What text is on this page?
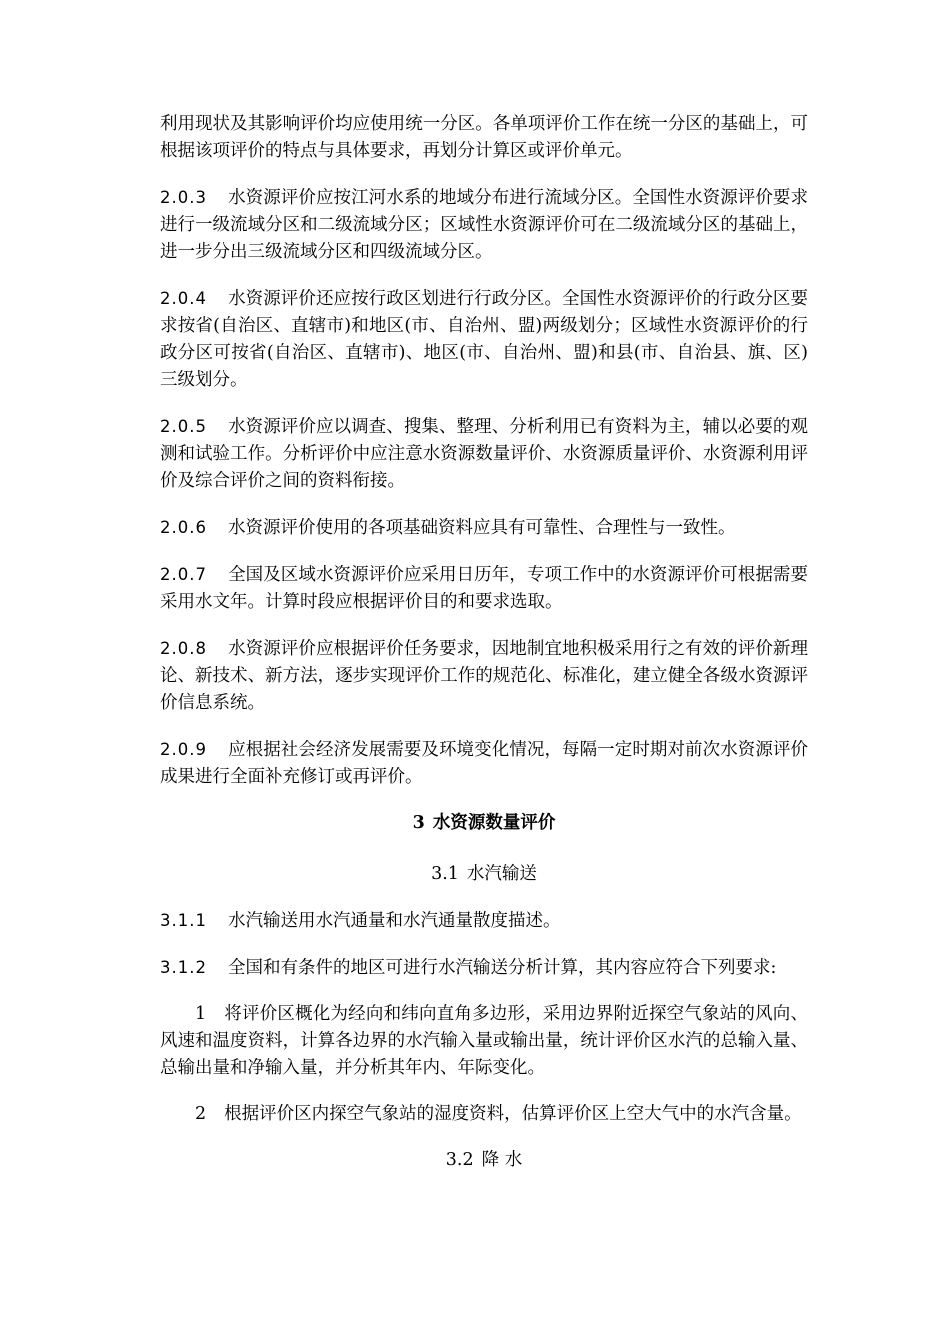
利用现状及其影响评价均应使用统一分区。各单项评价工作在统一分区的基础上，可根据该项评价的特点与具体要求，再划分计算区或评价单元。

2.0.3 水资源评价应按江河水系的地域分布进行流域分区。全国性水资源评价要求进行一级流域分区和二级流域分区；区域性水资源评价可在二级流域分区的基础上，进一步分出三级流域分区和四级流域分区。

2.0.4 水资源评价还应按行政区划进行行政分区。全国性水资源评价的行政分区要求按省(自治区、直辖市)和地区(市、自治州、盟)两级划分；区域性水资源评价的行政分区可按省(自治区、直辖市)、地区(市、自治州、盟)和县(市、自治县、旗、区)三级划分。

2.0.5 水资源评价应以调查、搜集、整理、分析利用已有资料为主，辅以必要的观测和试验工作。分析评价中应注意水资源数量评价、水资源质量评价、水资源利用评价及综合评价之间的资料衔接。

2.0.6 水资源评价使用的各项基础资料应具有可靠性、合理性与一致性。

2.0.7 全国及区域水资源评价应采用日历年，专项工作中的水资源评价可根据需要采用水文年。计算时段应根据评价目的和要求选取。

2.0.8 水资源评价应根据评价任务要求，因地制宜地积极采用行之有效的评价新理论、新技术、新方法，逐步实现评价工作的规范化、标准化，建立健全各级水资源评价信息系统。

2.0.9 应根据社会经济发展需要及环境变化情况，每隔一定时期对前次水资源评价成果进行全面补充修订或再评价。

3 水资源数量评价
3.1 水汽输送

3.1.1 水汽输送用水汽通量和水汽通量散度描述。

3.1.2 全国和有条件的地区可进行水汽输送分析计算，其内容应符合下列要求:

1 将评价区概化为经向和纬向直角多边形，采用边界附近探空气象站的风向、风速和温度资料，计算各边界的水汽输入量或输出量，统计评价区水汽的总输入量、总输出量和净输入量，并分析其年内、年际变化。

2 根据评价区内探空气象站的湿度资料，估算评价区上空大气中的水汽含量。

3.2 降 水
